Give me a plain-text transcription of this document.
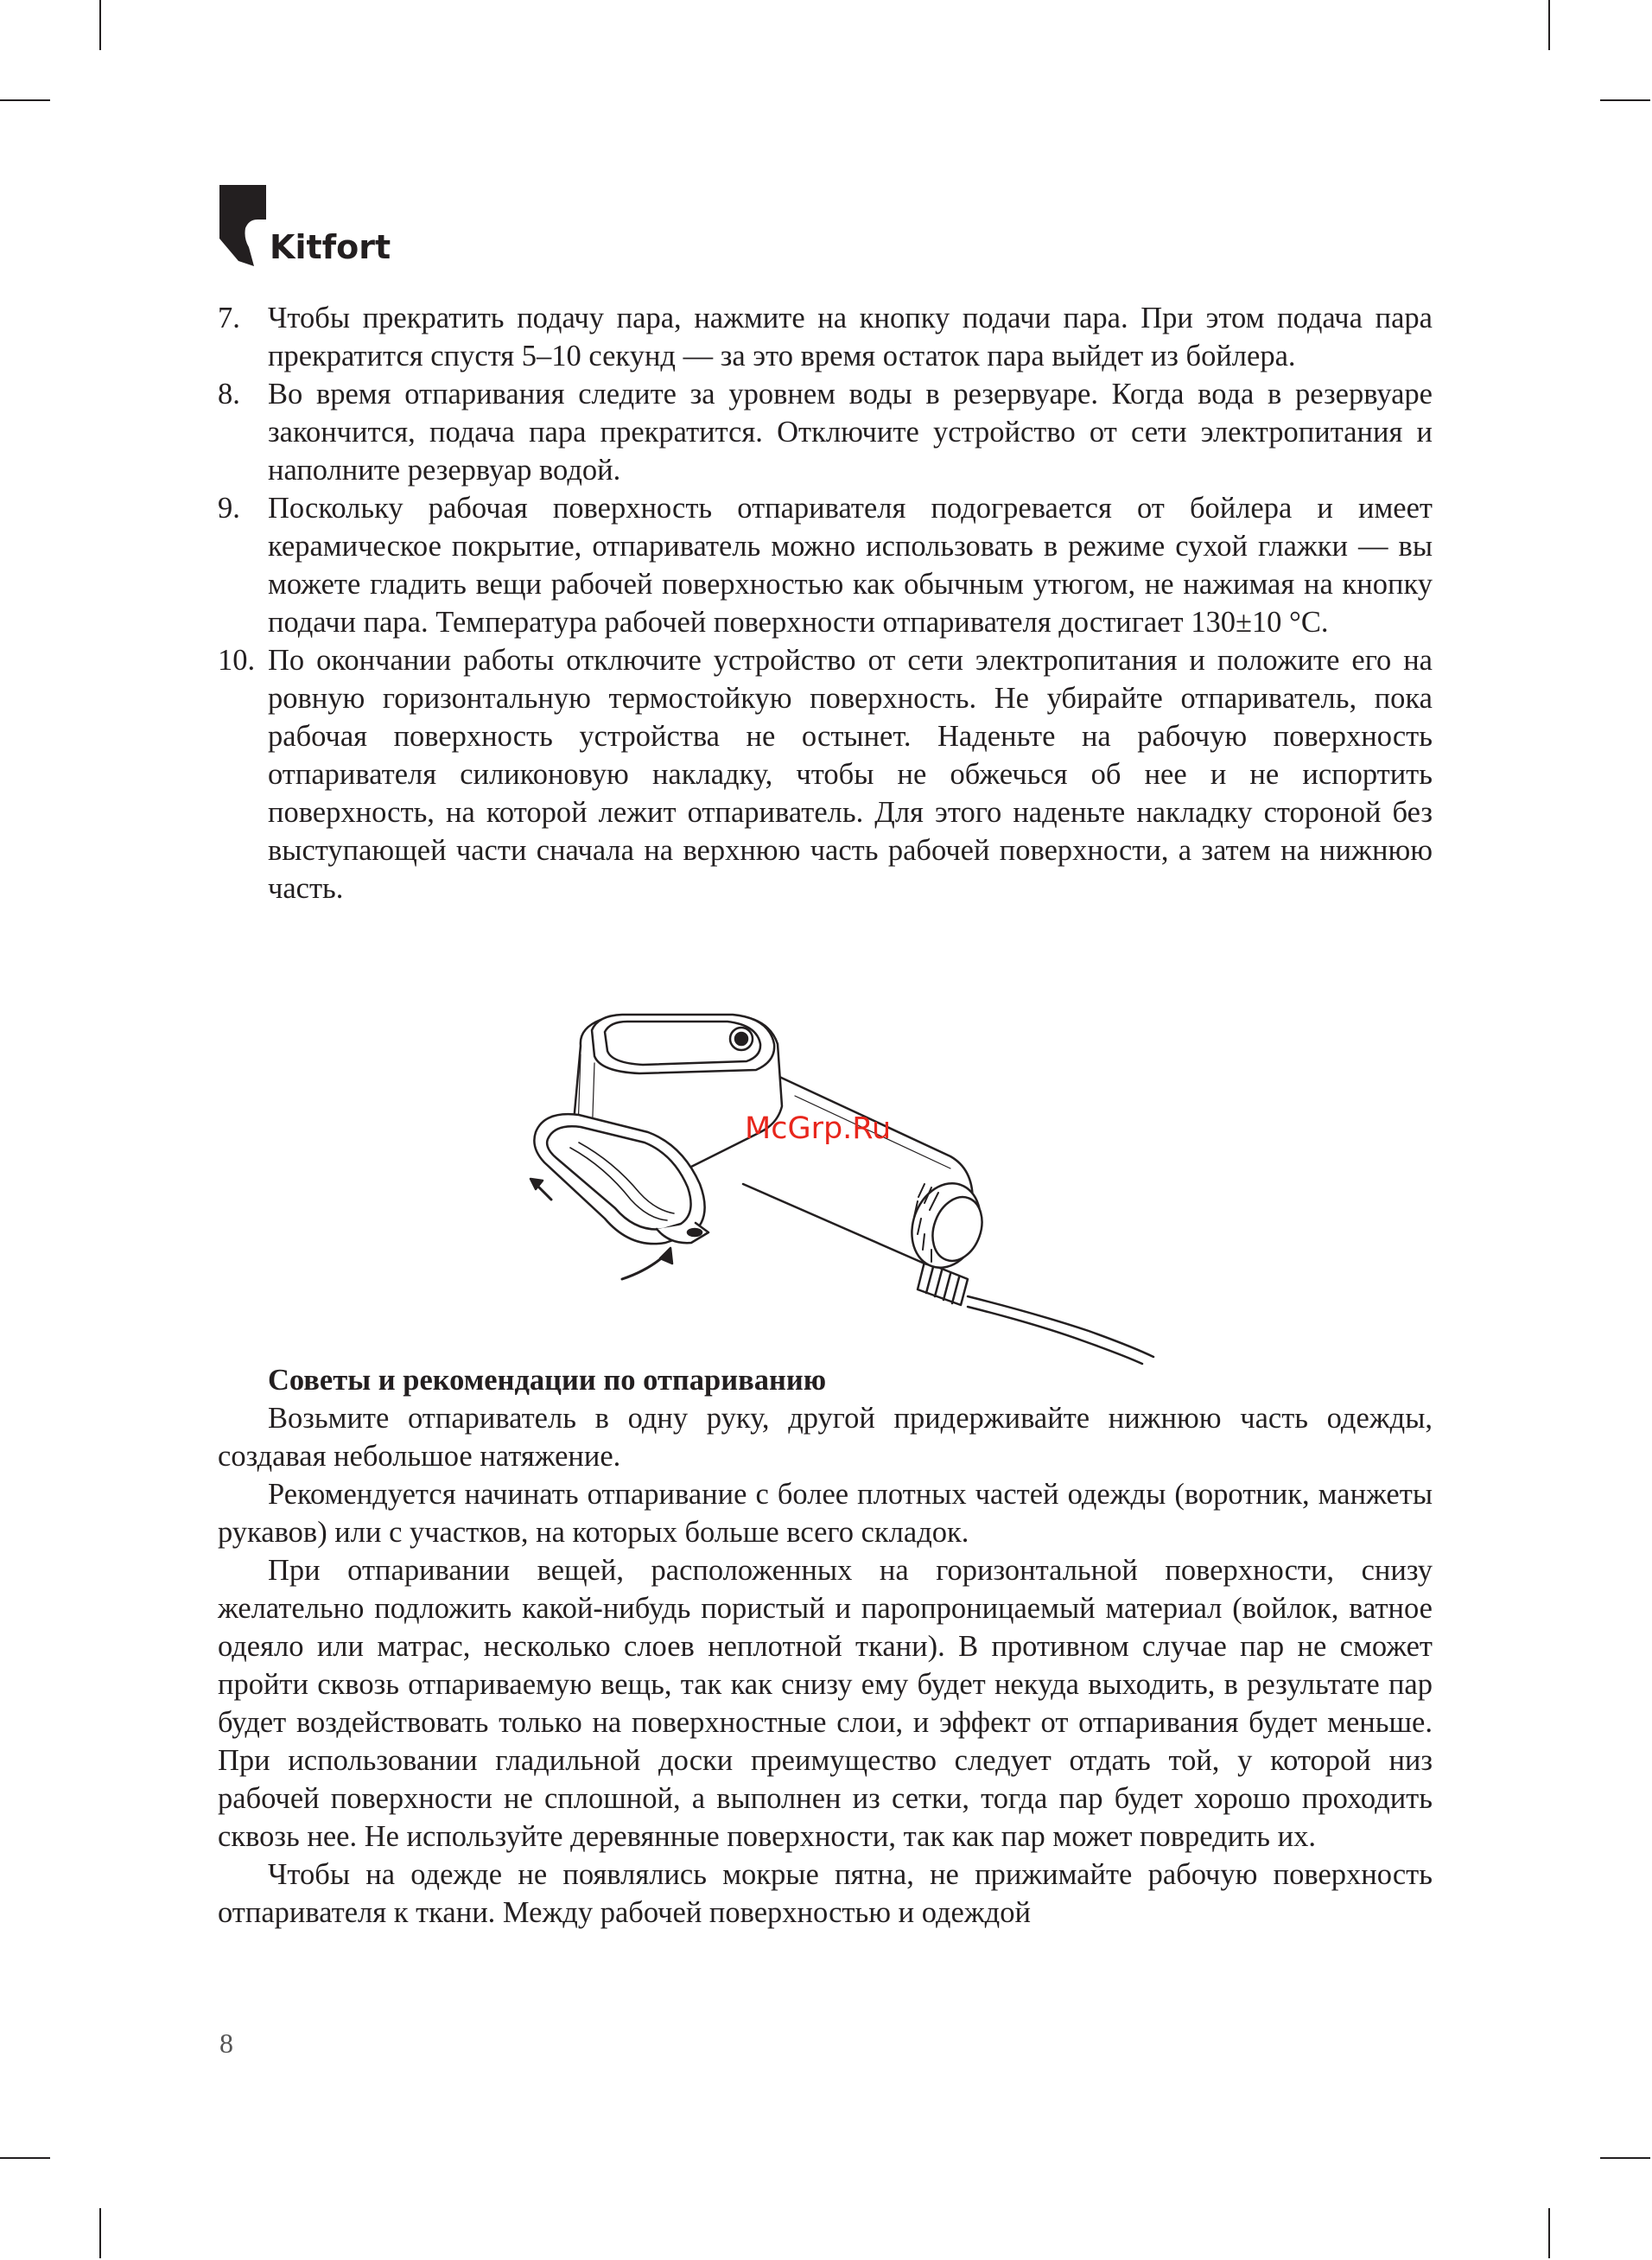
Kitfort
7. Чтобы прекратить подачу пара, нажмите на кнопку подачи пара. При этом подача пара прекратится спустя 5–10 секунд — за это время остаток пара выйдет из бойлера.
8. Во время отпаривания следите за уровнем воды в резервуаре. Когда вода в резервуаре закончится, подача пара прекратится. Отключите устройство от сети электропитания и наполните резервуар водой.
9. Поскольку рабочая поверхность отпаривателя подогревается от бойлера и имеет керамическое покрытие, отпариватель можно использовать в режиме сухой глажки — вы можете гладить вещи рабочей поверхностью как обычным утюгом, не нажимая на кнопку подачи пара. Температура рабочей поверхности отпаривателя достигает 130±10 °С.
10. По окончании работы отключите устройство от сети электропитания и положите его на ровную горизонтальную термостойкую поверхность. Не убирайте отпариватель, пока рабочая поверхность устройства не остынет. Наденьте на рабочую поверхность отпаривателя силиконовую накладку, чтобы не обжечься об нее и не испортить поверхность, на которой лежит отпариватель. Для этого наденьте накладку стороной без выступающей части сначала на верхнюю часть рабочей поверхности, а затем на нижнюю часть.
McGrp.Ru
Советы и рекомендации по отпариванию

Возьмите отпариватель в одну руку, другой придерживайте нижнюю часть одежды, создавая небольшое натяжение.

Рекомендуется начинать отпаривание с более плотных частей одежды (воротник, манжеты рукавов) или с участков, на которых больше всего складок.

При отпаривании вещей, расположенных на горизонтальной поверхности, снизу желательно подложить какой-нибудь пористый и паропроницаемый материал (войлок, ватное одеяло или матрас, несколько слоев неплотной ткани). В противном случае пар не сможет пройти сквозь отпариваемую вещь, так как снизу ему будет некуда выходить, в результате пар будет воздействовать только на поверхностные слои, и эффект от отпаривания будет меньше. При использовании гладильной доски преимущество следует отдать той, у которой низ рабочей поверхности не сплошной, а выполнен из сетки, тогда пар будет хорошо проходить сквозь нее. Не используйте деревянные поверхности, так как пар может повредить их.

Чтобы на одежде не появлялись мокрые пятна, не прижимайте рабочую поверхность отпаривателя к ткани. Между рабочей поверхностью и одеждой

8
